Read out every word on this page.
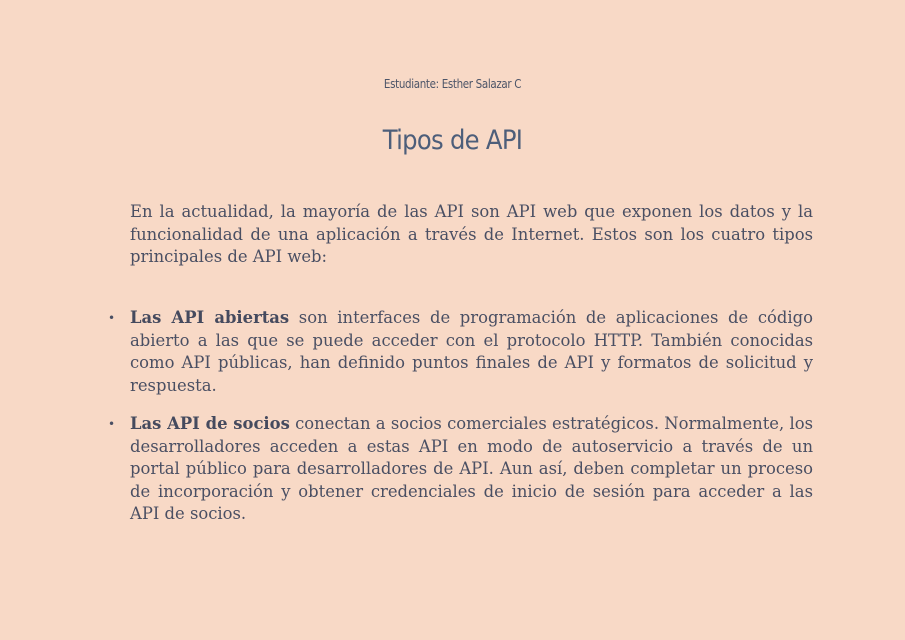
Estudiante: Esther Salazar C
Tipos de API
En la actualidad, la mayoría de las API son API web que exponen los datos y la funcionalidad de una aplicación a través de Internet. Estos son los cuatro tipos principales de API web:
• Las API abiertas son interfaces de programación de aplicaciones de código abierto a las que se puede acceder con el protocolo HTTP. También conocidas como API públicas, han definido puntos finales de API y formatos de solicitud y respuesta.
• Las API de socios conectan a socios comerciales estratégicos. Normalmente, los desarrolladores acceden a estas API en modo de autoservicio a través de un portal público para desarrolladores de API. Aun así, deben completar un proceso de incorporación y obtener credenciales de inicio de sesión para acceder a las API de socios.
